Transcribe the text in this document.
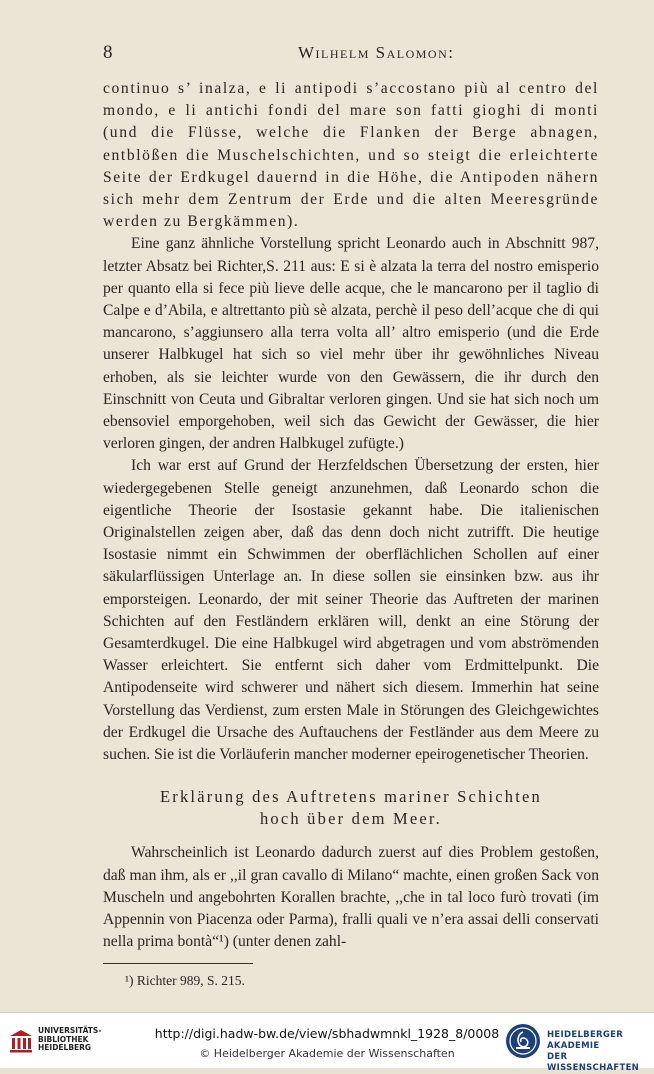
8	Wilhelm Salomon:

continuo s’ inalza, e li antipodi s’accostano più al centro del mondo, e li antichi fondi del mare son fatti gioghi di monti (und die Flüsse, welche die Flanken der Berge abnagen, entblößen die Muschelschichten, und so steigt die erleichterte Seite der Erdkugel dauernd in die Höhe, die Antipoden nähern sich mehr dem Zentrum der Erde und die alten Meeresgründe werden zu Bergkämmen).

Eine ganz ähnliche Vorstellung spricht Leonardo auch in Abschnitt 987, letzter Absatz bei Richter,S. 211 aus: E si è alzata la terra del nostro emisperio per quanto ella si fece più lieve delle acque, che le mancarono per il taglio di Calpe e d’Abila, e altrettanto più sè alzata, perchè il peso dell’acque che di qui mancarono, s’aggiunsero alla terra volta all’ altro emisperio (und die Erde unserer Halbkugel hat sich so viel mehr über ihr gewöhnliches Niveau erhoben, als sie leichter wurde von den Gewässern, die ihr durch den Einschnitt von Ceuta und Gibraltar verloren gingen. Und sie hat sich noch um ebensoviel emporgehoben, weil sich das Gewicht der Gewässer, die hier verloren gingen, der andren Halbkugel zufügte.)

Ich war erst auf Grund der Herzfeldschen Übersetzung der ersten, hier wiedergegebenen Stelle geneigt anzunehmen, daß Leonardo schon die eigentliche Theorie der Isostasie gekannt habe. Die italienischen Originalstellen zeigen aber, daß das denn doch nicht zutrifft. Die heutige Isostasie nimmt ein Schwimmen der oberflächlichen Schollen auf einer säkularflüssigen Unterlage an. In diese sollen sie einsinken bzw. aus ihr emporsteigen. Leonardo, der mit seiner Theorie das Auftreten der marinen Schichten auf den Festländern erklären will, denkt an eine Störung der Gesamterdkugel. Die eine Halbkugel wird abgetragen und vom abströmenden Wasser erleichtert. Sie entfernt sich daher vom Erdmittelpunkt. Die Antipodenseite wird schwerer und nähert sich diesem. Immerhin hat seine Vorstellung das Verdienst, zum ersten Male in Störungen des Gleichgewichtes der Erdkugel die Ursache des Auftauchens der Festländer aus dem Meere zu suchen. Sie ist die Vorläuferin mancher moderner epeirogenetischer Theorien.

Erklärung des Auftretens mariner Schichten
hoch über dem Meer.

Wahrscheinlich ist Leonardo dadurch zuerst auf dies Problem gestoßen, daß man ihm, als er ,,il gran cavallo di Milano“ machte, einen großen Sack von Muscheln und angebohrten Korallen brachte, ,,che in tal loco furò trovati (im Appennin von Piacenza oder Parma), fralli quali ve n’era assai delli conservati nella prima bontà“¹) (unter denen zahl-

¹) Richter 989, S. 215.
UNIVERSITÄTS-
BIBLIOTHEK
HEIDELBERG
http://digi.hadw-bw.de/view/sbhadwmnkl_1928_8/0008
© Heidelberger Akademie der Wissenschaften
HEIDELBERGER AKADEMIE
DER WISSENSCHAFTEN
